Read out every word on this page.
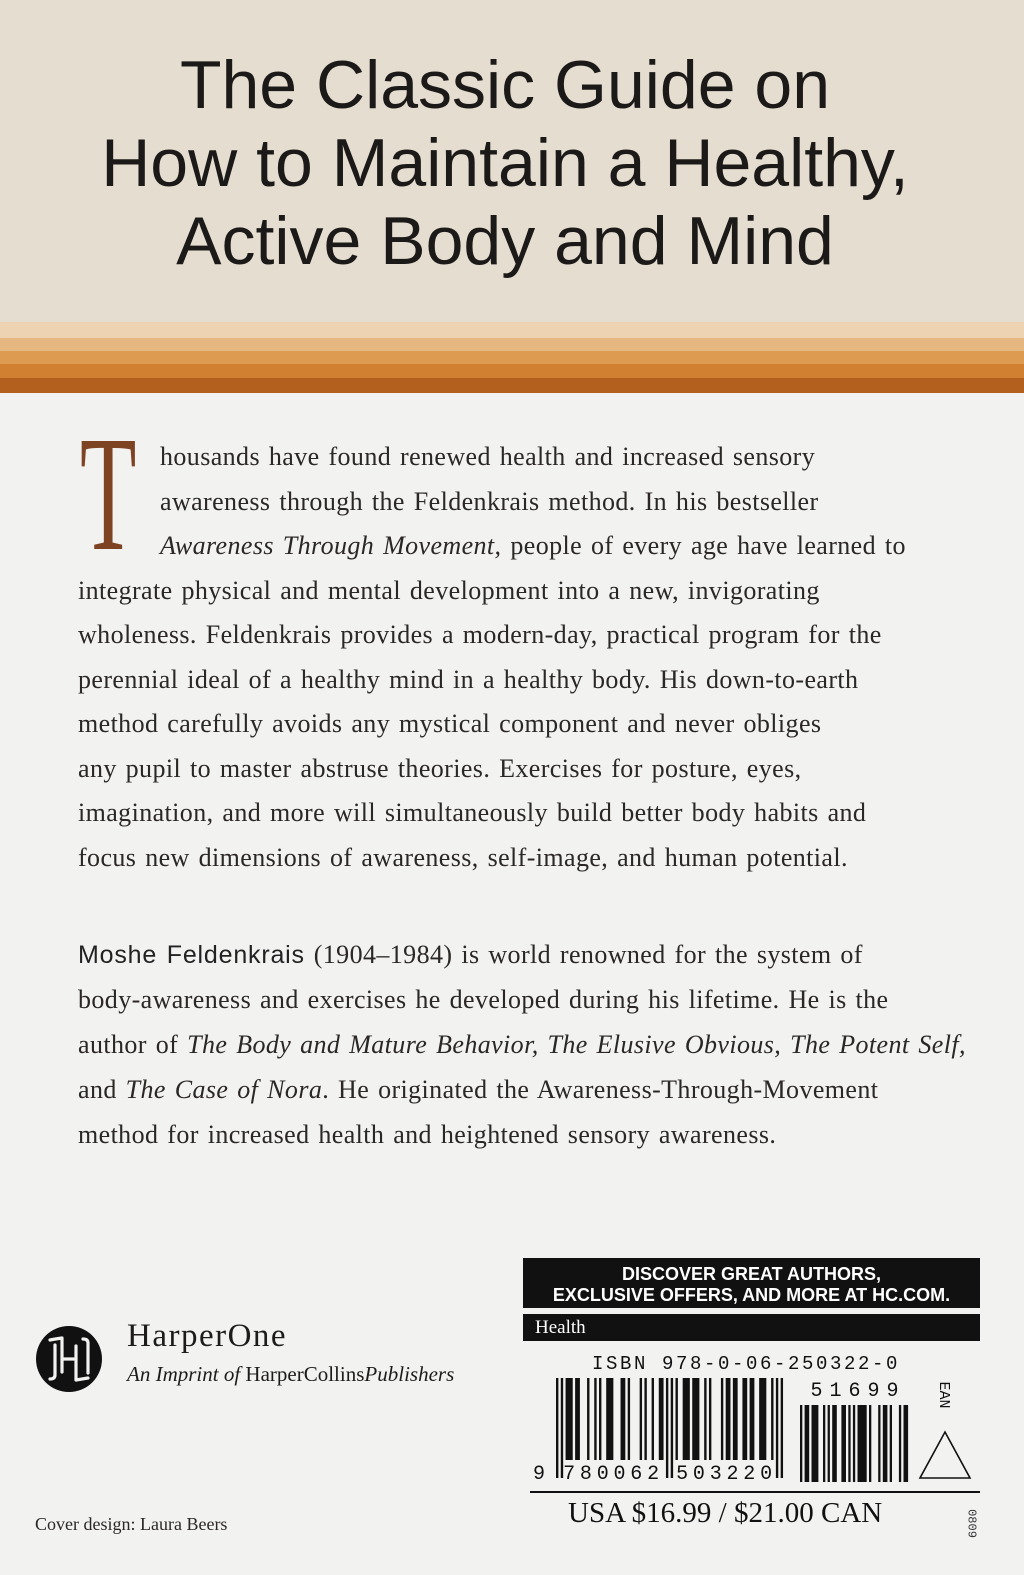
The Classic Guide on
How to Maintain a Healthy,
Active Body and Mind
T housands have found renewed health and increased sensory
awareness through the Feldenkrais method. In his bestseller
Awareness Through Movement, people of every age have learned to
integrate physical and mental development into a new, invigorating
wholeness. Feldenkrais provides a modern-day, practical program for the
perennial ideal of a healthy mind in a healthy body. His down-to-earth
method carefully avoids any mystical component and never obliges
any pupil to master abstruse theories. Exercises for posture, eyes,
imagination, and more will simultaneously build better body habits and
focus new dimensions of awareness, self-image, and human potential.
Moshe Feldenkrais (1904–1984) is world renowned for the system of
body-awareness and exercises he developed during his lifetime. He is the
author of The Body and Mature Behavior, The Elusive Obvious, The Potent Self,
and The Case of Nora. He originated the Awareness-Through-Movement
method for increased health and heightened sensory awareness.
HarperOne
An Imprint of HarperCollinsPublishers
DISCOVER GREAT AUTHORS,
EXCLUSIVE OFFERS, AND MORE AT HC.COM.
Health
ISBN 978-0-06-250322-0
9 780062 503220
51699 EAN
USA $16.99 / $21.00 CAN	0809
Cover design: Laura Beers
